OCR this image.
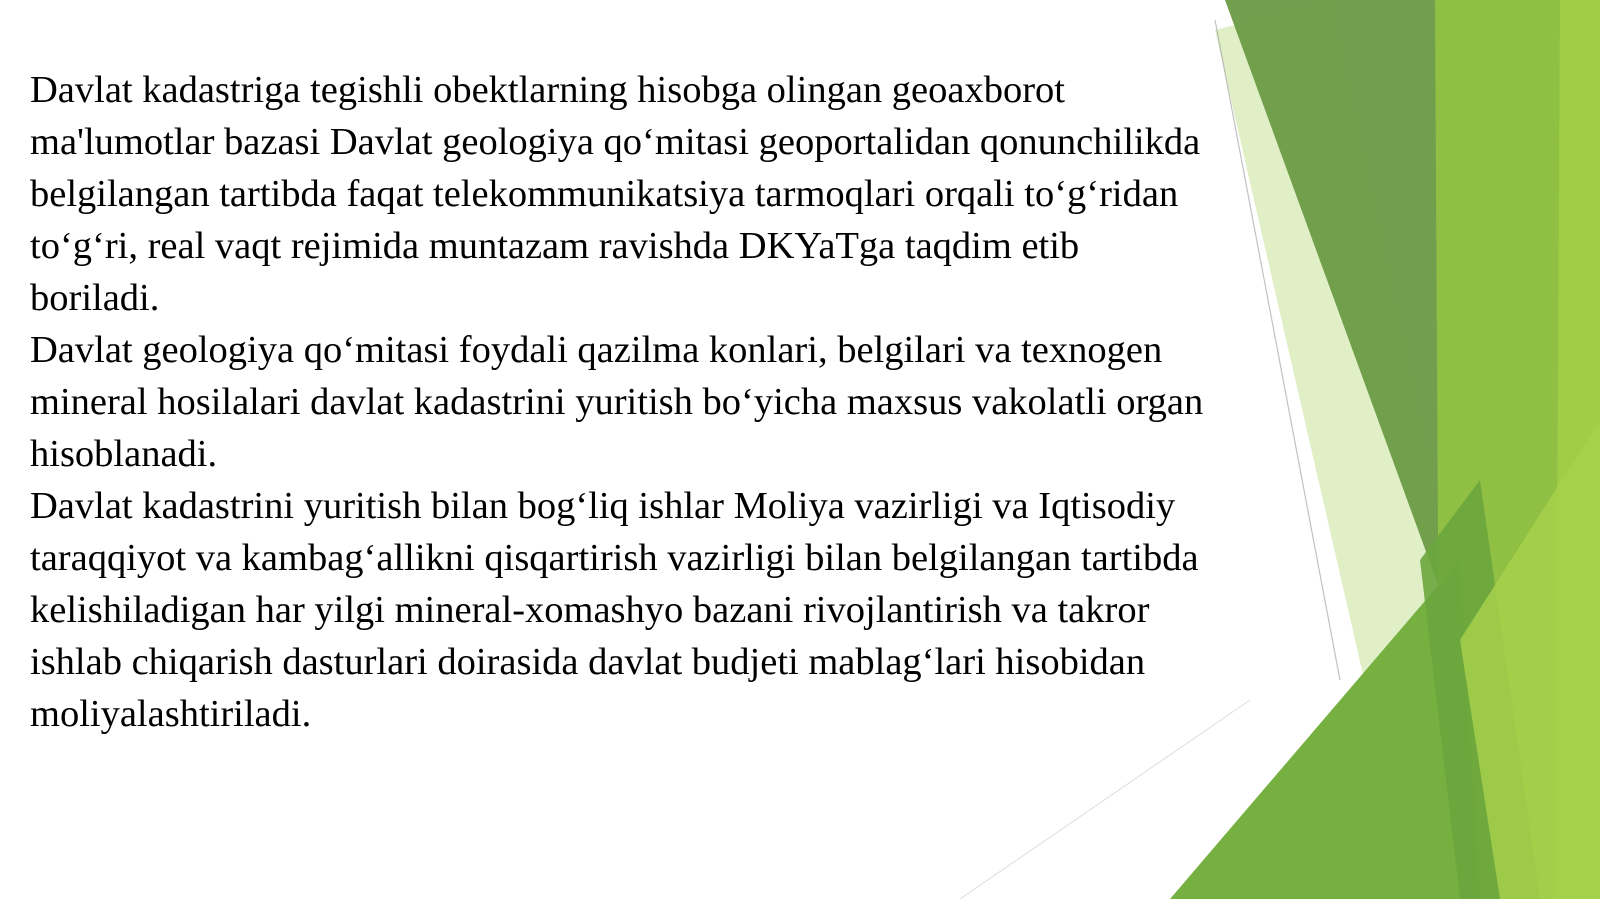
Davlat kadastriga tegishli obektlarning hisobga olingan geoaxborot ma'lumotlar bazasi Davlat geologiya qo‘mitasi geoportalidan qonunchilikda belgilangan tartibda faqat telekommunikatsiya tarmoqlari orqali to‘g‘ridan to‘g‘ri, real vaqt rejimida muntazam ravishda DKYaTga taqdim etib boriladi.

Davlat geologiya qo‘mitasi foydali qazilma konlari, belgilari va texnogen mineral hosilalari davlat kadastrini yuritish bo‘yicha maxsus vakolatli organ hisoblanadi.

Davlat kadastrini yuritish bilan bog‘liq ishlar Moliya vazirligi va Iqtisodiy taraqqiyot va kambag‘allikni qisqartirish vazirligi bilan belgilangan tartibda kelishiladigan har yilgi mineral-xomashyo bazani rivojlantirish va takror ishlab chiqarish dasturlari doirasida davlat budjeti mablag‘lari hisobidan moliyalashtiriladi.
